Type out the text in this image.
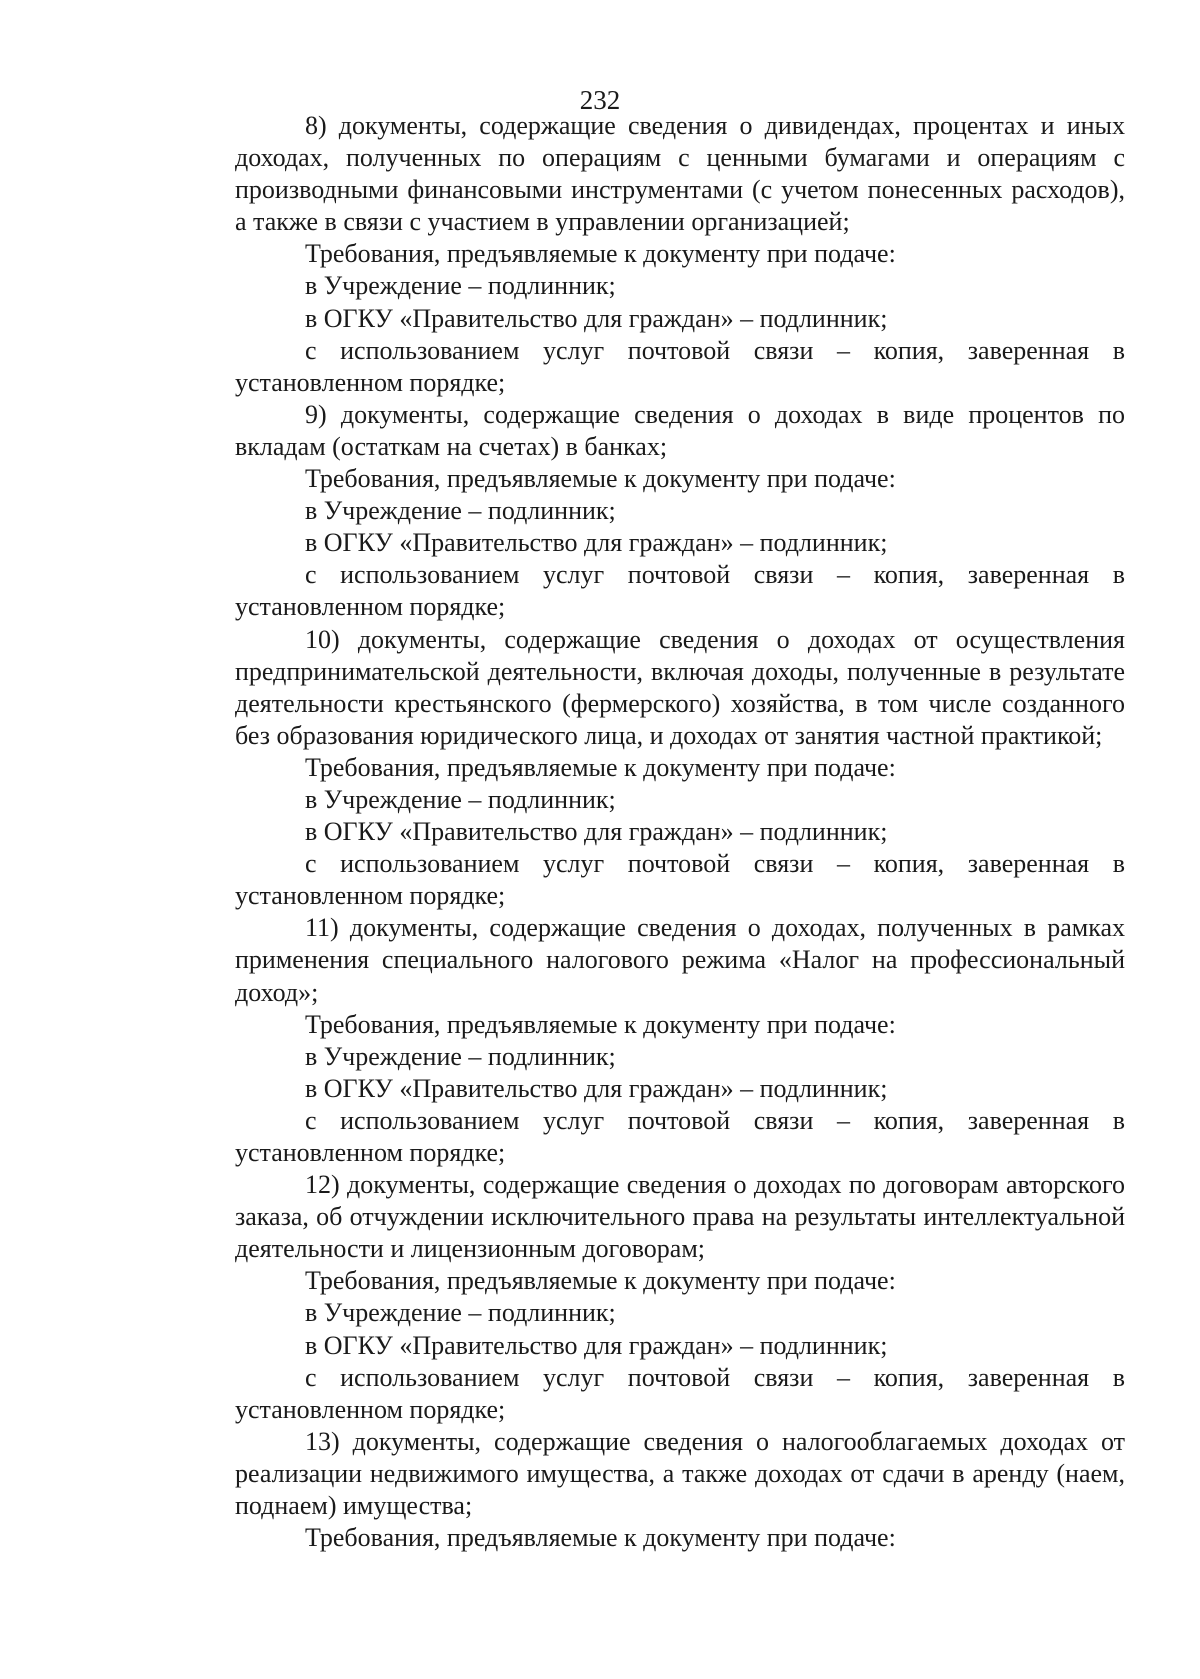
232

8) документы, содержащие сведения о дивидендах, процентах и иных доходах, полученных по операциям с ценными бумагами и операциям с производными финансовыми инструментами (с учетом понесенных расходов), а также в связи с участием в управлении организацией;

Требования, предъявляемые к документу при подаче:

в Учреждение – подлинник;

в ОГКУ «Правительство для граждан» – подлинник;

с использованием услуг почтовой связи – копия, заверенная в установленном порядке;

9) документы, содержащие сведения о доходах в виде процентов по вкладам (остаткам на счетах) в банках;

Требования, предъявляемые к документу при подаче:

в Учреждение – подлинник;

в ОГКУ «Правительство для граждан» – подлинник;

с использованием услуг почтовой связи – копия, заверенная в установленном порядке;

10) документы, содержащие сведения о доходах от осуществления предпринимательской деятельности, включая доходы, полученные в результате деятельности крестьянского (фермерского) хозяйства, в том числе созданного без образования юридического лица, и доходах от занятия частной практикой;

Требования, предъявляемые к документу при подаче:

в Учреждение – подлинник;

в ОГКУ «Правительство для граждан» – подлинник;

с использованием услуг почтовой связи – копия, заверенная в установленном порядке;

11) документы, содержащие сведения о доходах, полученных в рамках применения специального налогового режима «Налог на профессиональный доход»;

Требования, предъявляемые к документу при подаче:

в Учреждение – подлинник;

в ОГКУ «Правительство для граждан» – подлинник;

с использованием услуг почтовой связи – копия, заверенная в установленном порядке;

12) документы, содержащие сведения о доходах по договорам авторского заказа, об отчуждении исключительного права на результаты интеллектуальной деятельности и лицензионным договорам;

Требования, предъявляемые к документу при подаче:

в Учреждение – подлинник;

в ОГКУ «Правительство для граждан» – подлинник;

с использованием услуг почтовой связи – копия, заверенная в установленном порядке;

13) документы, содержащие сведения о налогооблагаемых доходах от реализации недвижимого имущества, а также доходах от сдачи в аренду (наем, поднаем) имущества;

Требования, предъявляемые к документу при подаче:
